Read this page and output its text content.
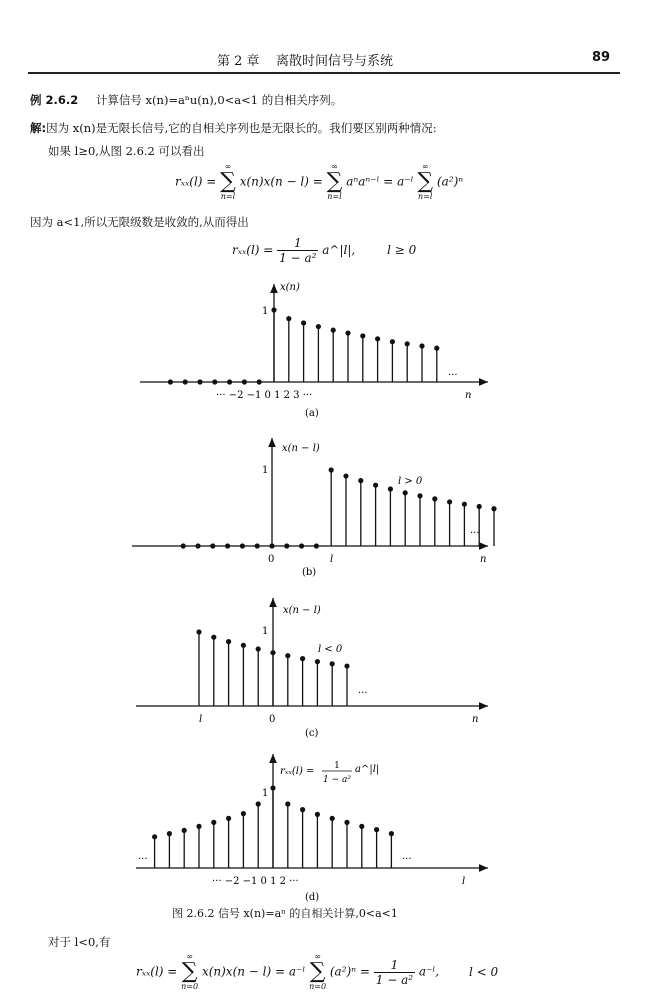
第 2 章 离散时间信号与系统	89
例 2.6.2 计算信号 x(n)=aⁿu(n),0<a<1 的自相关序列。
解:因为 x(n)是无限长信号,它的自相关序列也是无限长的。我们要区别两种情况:
如果 l≥0,从图 2.6.2 可以看出
rₓₓ(l) =
∞
∑
n=l
x(n)x(n − l) =
∞
∑
n=l
aⁿaⁿ⁻ˡ = a⁻ˡ
∞
∑
n=l
(a²)ⁿ
因为 a<1,所以无限级数是收敛的,从而得出
$r_{xx}(l) = \frac{1}{\text{1 − a²}}$ a^|l|,	l ≥ 0
x(n)
1
··· −2 −1 0 1 2 3 ···	n
···
(a)
x(n − l)
1
l > 0
0	l	n
···
(b)
x(n − l)
1
l < 0
0
l	n
···
(c)
rₓₓ(l) = 1
1 − a²
a^|l|
1
··· −2 −1 0 1 2 ···	l
···	···
(d)
图 2.6.2 信号 x(n)=aⁿ 的自相关计算,0<a<1
对于 l<0,有
rₓₓ(l) =
∞
∑
n=0
x(n)x(n − l) = a⁻ˡ
∞
∑
n=0
$(a^2)^n = \frac{1}{\text{1 − a²}}$ a⁻ˡ, l < 0
